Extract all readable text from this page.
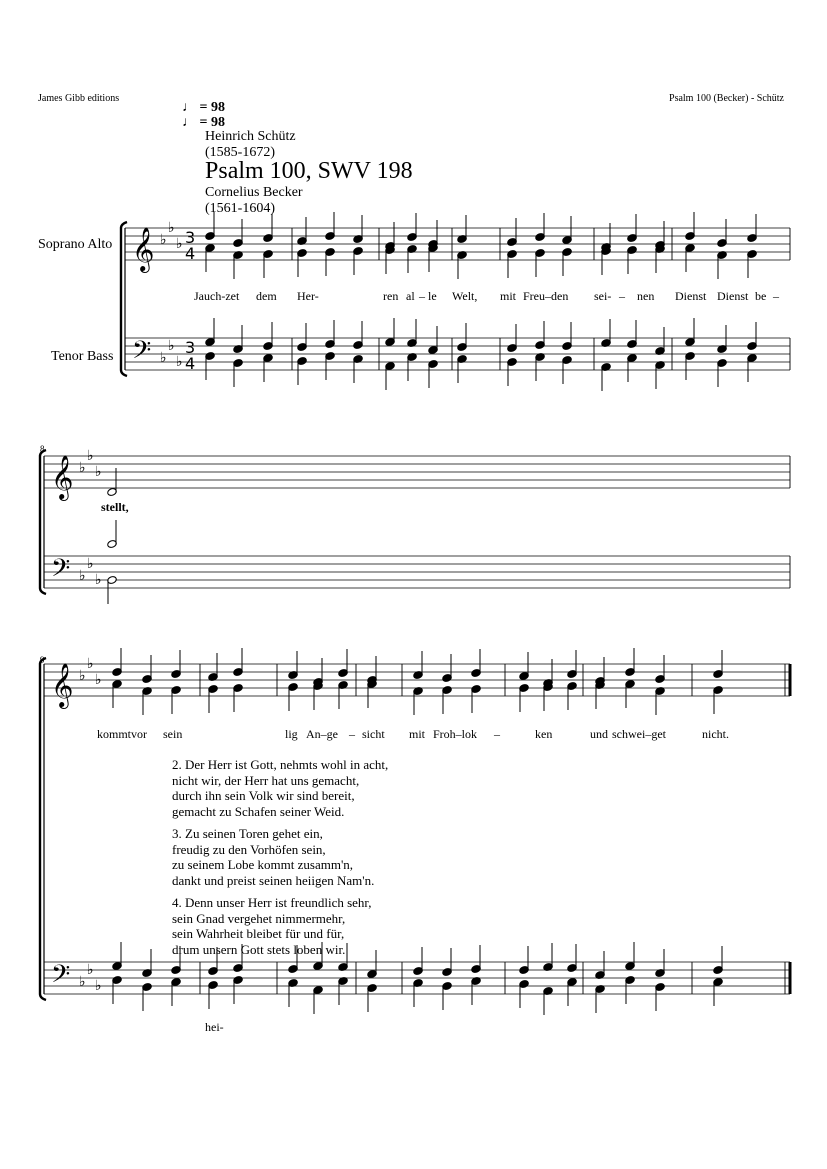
James Gibb editions	Psalm 100 (Becker) - Schütz
♩ = 98
♩ = 98
Heinrich Schütz
(1585-1672)
Psalm 100, SWV 198
Cornelius Becker
(1561-1604)
Soprano Alto
Tenor Bass
8
9
𝄞
𝄢
♭
♭
♭
♭
♭
♭
3
3
4
4
𝄞
𝄢
♭
♭
♭
♭
♭
♭
𝄞
𝄢
♭
♭
♭
♭
♭
♭
Jauch-zet dem Her-	ren al – le Welt, mit Freu–den sei- – nen Dienst Dienst be –
stellt,
kommt vor sein
hei-
lig An–ge – sicht mit Froh–lok –	ken	und schwei–get	nicht.
2. Der Herr ist Gott, nehmts wohl in acht,
nicht wir, der Herr hat uns gemacht,
durch ihn sein Volk wir sind bereit,
gemacht zu Schafen seiner Weid.
3. Zu seinen Toren gehet ein,
freudig zu den Vorhöfen sein,
zu seinem Lobe kommt zusamm'n,
dankt und preist seinen heiigen Nam'n.
4. Denn unser Herr ist freundlich sehr,
sein Gnad vergehet nimmermehr,
sein Wahrheit bleibet für und für,
drum unsern Gott stets loben wir.
